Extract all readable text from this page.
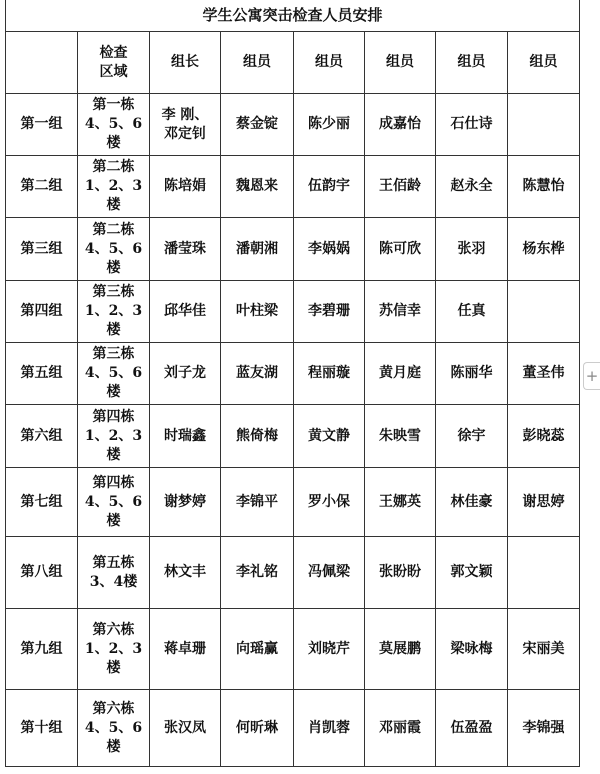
学生公寓突击检查人员安排							
	检查
区域	组长	组员	组员	组员	组员	组员
第一组	第一栋
4、5、6
楼	李 刚、
邓定钊	蔡金锭	陈少丽	成嘉怡	石仕诗	
第二组	第二栋
1、2、3
楼	陈培娟	魏恩来	伍韵宇	王佰龄	赵永全	陈慧怡
第三组	第二栋
4、5、6
楼	潘莹珠	潘朝湘	李娲娲	陈可欣	张羽	杨东桦
第四组	第三栋
1、2、3
楼	邱华佳	叶柱梁	李碧珊	苏信幸	任真	
第五组	第三栋
4、5、6
楼	刘子龙	蓝友湖	程丽璇	黄月庭	陈丽华	董圣伟
第六组	第四栋
1、2、3
楼	时瑞鑫	熊倚梅	黄文静	朱映雪	徐宇	彭晓蕊
第七组	第四栋
4、5、6
楼	谢梦婷	李锦平	罗小保	王娜英	林佳豪	谢思婷
第八组	第五栋
3、4楼	林文丰	李礼铭	冯佩梁	张盼盼	郭文颖	
第九组	第六栋
1、2、3
楼	蒋卓珊	向瑶赢	刘晓芹	莫展鹏	梁咏梅	宋丽美
第十组	第六栋
4、5、6
楼	张汉凤	何昕琳	肖凯蓉	邓丽霞	伍盈盈	李锦强
+
